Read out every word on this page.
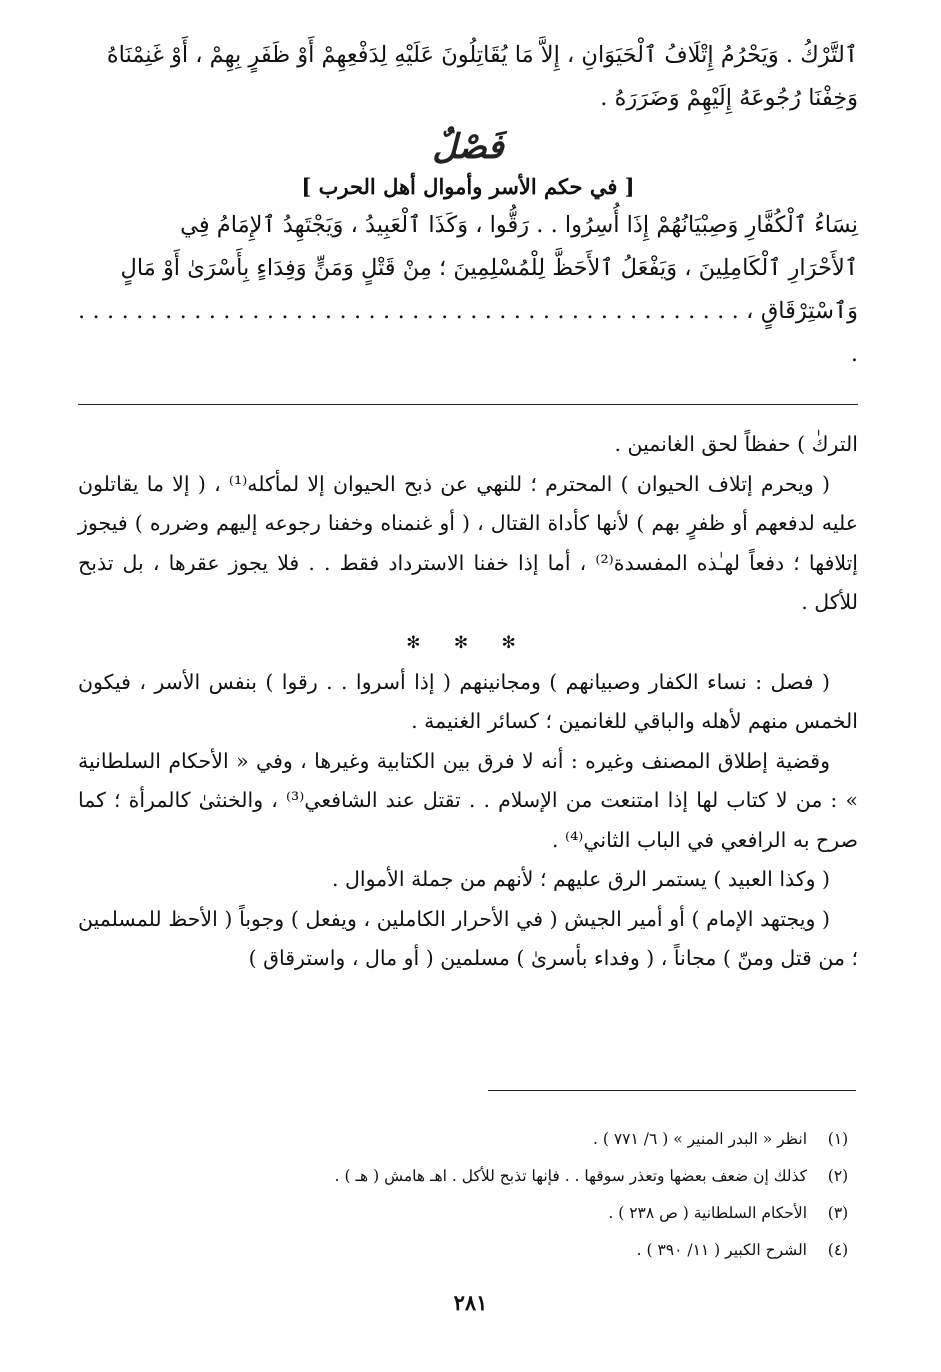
ٱلتَّرْكُ . وَيَحْرُمُ إِتْلَافُ ٱلْحَيَوَانِ ، إِلاَّ مَا يُقَاتِلُونَ عَلَيْهِ لِدَفْعِهِمْ أَوْ ظَفَرٍ بِهِمْ ، أَوْ غَنِمْنَاهُ

وَخِفْنَا رُجُوعَهُ إِلَيْهِمْ وَضَرَرَهُ .

فَصْلٌ
[ في حكم الأسر وأموال أهل الحرب ]

نِسَاءُ ٱلْكُفَّارِ وَصِبْيَانُهُمْ إِذَا أُسِرُوا . . رَقُّوا ، وَكَذَا ٱلْعَبِيدُ ، وَيَجْتَهِدُ ٱلإِمَامُ فِي

ٱلأَحْرَارِ ٱلْكَامِلِينَ ، وَيَفْعَلُ ٱلأَحَظَّ لِلْمُسْلِمِينَ ؛ مِنْ قَتْلٍ وَمَنٍّ وَفِدَاءٍ بِأَسْرَىٰ أَوْ مَالٍ

وَٱسْتِرْقَاقٍ ، . . . . . . . . . . . . . . . . . . . . . . . . . . . . . . . . . . . . . . . . . . . . . . .

التركٰ ) حفظاً لحق الغانمين .

( ويحرم إتلاف الحيوان ) المحترم ؛ للنهي عن ذبح الحيوان إلا لمأكله⁽¹⁾ ، ( إلا ما يقاتلون عليه لدفعهم أو ظفرٍ بهم ) لأنها كأداة القتال ، ( أو غنمناه وخفنا رجوعه إليهم وضرره ) فيجوز إتلافها ؛ دفعاً لهـٰذه المفسدة⁽²⁾ ، أما إذا خفنا الاسترداد فقط . . فلا يجوز عقرها ، بل تذبح للأكل .

✻ ✻ ✻

( فصل : نساء الكفار وصبيانهم ) ومجانينهم ( إذا أسروا . . رقوا ) بنفس الأسر ، فيكون الخمس منهم لأهله والباقي للغانمين ؛ كسائر الغنيمة .

وقضية إطلاق المصنف وغيره : أنه لا فرق بين الكتابية وغيرها ، وفي « الأحكام السلطانية » : من لا كتاب لها إذا امتنعت من الإسلام . . تقتل عند الشافعي⁽³⁾ ، والخنثىٰ كالمرأة ؛ كما صرح به الرافعي في الباب الثاني⁽⁴⁾ .

( وكذا العبيد ) يستمر الرق عليهم ؛ لأنهم من جملة الأموال .

( ويجتهد الإمام ) أو أمير الجيش ( في الأحرار الكاملين ، ويفعل ) وجوباً ( الأحظ للمسلمين ؛ من قتل ومنّ ) مجاناً ، ( وفداء بأسرىٰ ) مسلمين ( أو مال ، واسترقاق )

(١)
انظر « البدر المنير » ( ٦/ ٧٧١ ) .
(٢)
كذلك إن ضعف بعضها وتعذر سوقها . . فإنها تذبح للأكل . اهـ هامش ( هـ ) .
(٣)
الأحكام السلطانية ( ص ٢٣٨ ) .
(٤)
الشرح الكبير ( ١١/ ٣٩٠ ) .
٢٨١
